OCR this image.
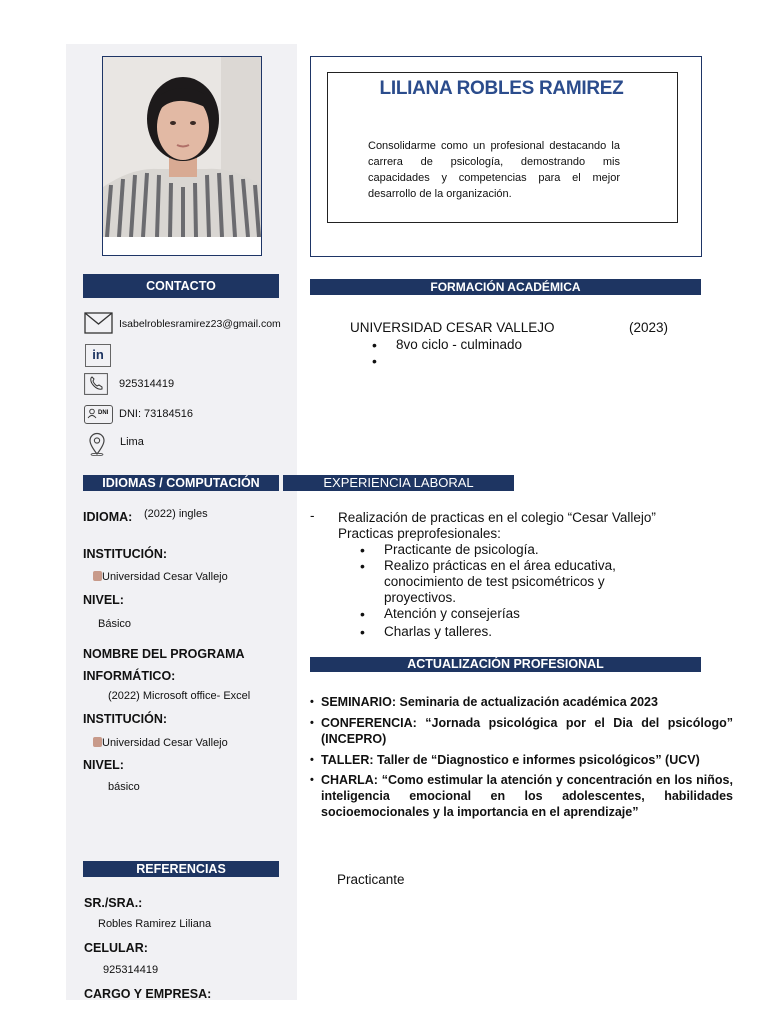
LILIANA ROBLES RAMIREZ
Consolidarme como un profesional destacando la carrera de psicología, demostrando mis capacidades y competencias para el mejor desarrollo de la organización.
CONTACTO
Isabelroblesramirez23@gmail.com
in
925314419
DNI DNI: 73184516
Lima
FORMACIÓN ACADÉMICA
UNIVERSIDAD CESAR VALLEJO	(2023)
• 8vo ciclo - culminado
•
IDIOMAS / COMPUTACIÓN
IDIOMA: (2022) ingles
INSTITUCIÓN:
Universidad Cesar Vallejo
NIVEL:
Básico
NOMBRE DEL PROGRAMA
INFORMÁTICO:
(2022) Microsoft office- Excel
INSTITUCIÓN:
Universidad Cesar Vallejo
NIVEL:
básico
EXPERIENCIA LABORAL
- Realización de practicas en el colegio “Cesar Vallejo”
Practicas preprofesionales:
• Practicante de psicología.
• Realizo prácticas en el área educativa, conocimiento de test psicométricos y proyectivos.
• Atención y consejerías
• Charlas y talleres.
ACTUALIZACIÓN PROFESIONAL
• SEMINARIO: Seminaria de actualización académica 2023
• CONFERENCIA: “Jornada psicológica por el Dia del psicólogo” (INCEPRO)
• TALLER: Taller de “Diagnostico e informes psicológicos” (UCV)
• CHARLA: “Como estimular la atención y concentración en los niños, inteligencia emocional en los adolescentes, habilidades socioemocionales y la importancia en el aprendizaje”
REFERENCIAS
SR./SRA.:
Robles Ramirez Liliana
CELULAR:
925314419
CARGO Y EMPRESA:
Practicante
